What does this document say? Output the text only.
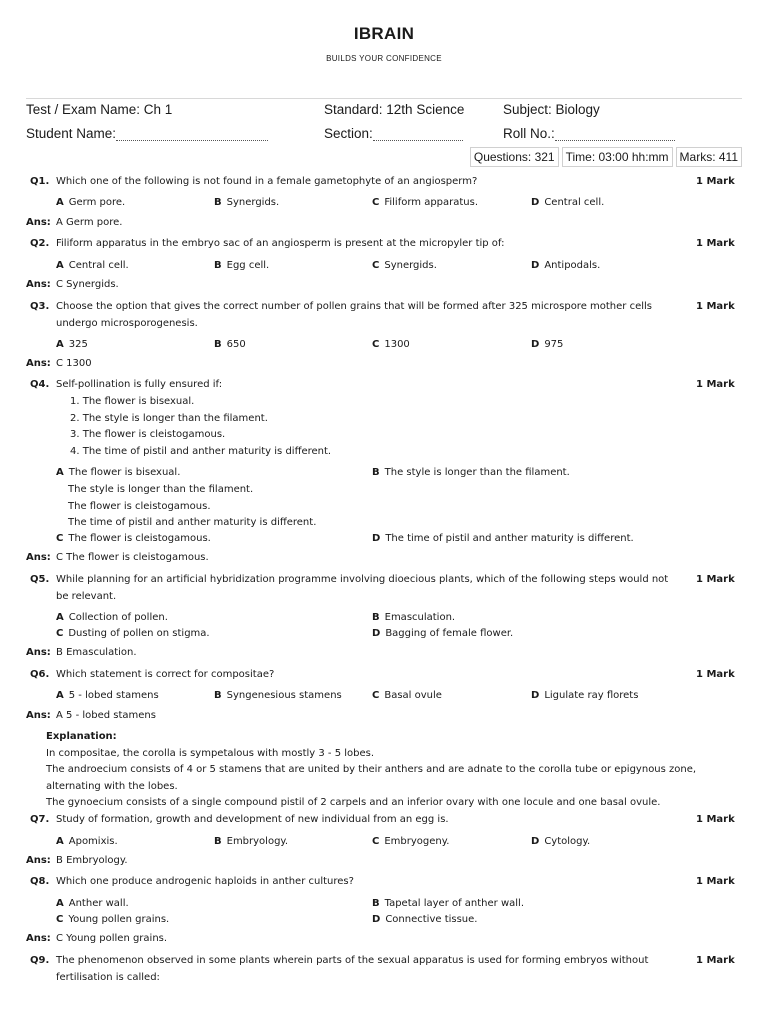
IBRAIN
BUILDS YOUR CONFIDENCE
Test / Exam Name: Ch 1	Standard: 12th Science	Subject: Biology
Student Name:	Section:	Roll No.:
Questions: 321 Time: 03:00 hh:mm Marks: 411
Q1. Which one of the following is not found in a female gametophyte of an angiosperm?	1 Mark
A Germ pore.	B Synergids.	C Filiform apparatus.	D Central cell.
Ans: A Germ pore.
Q2. Filiform apparatus in the embryo sac of an angiosperm is present at the micropyler tip of:	1 Mark
A Central cell.	B Egg cell.	C Synergids.	D Antipodals.
Ans: C Synergids.
Q3. Choose the option that gives the correct number of pollen grains that will be formed after 325 microspore mother cells undergo microsporogenesis.
1 Mark
A 325	B 650	C 1300	D 975
Ans: C 1300
Q4. Self-pollination is fully ensured if:	1 Mark
1. The flower is bisexual.
2. The style is longer than the filament.
3. The flower is cleistogamous.
4. The time of pistil and anther maturity is different.
A The flower is bisexual.
The style is longer than the filament.
The flower is cleistogamous.
The time of pistil and anther maturity is different.
B The style is longer than the filament.
C The flower is cleistogamous.	D The time of pistil and anther maturity is different.
Ans: C The flower is cleistogamous.
Q5. While planning for an artificial hybridization programme involving dioecious plants, which of the following steps would not be relevant.
1 Mark
A Collection of pollen.	B Emasculation.
C Dusting of pollen on stigma.	D Bagging of female flower.
Ans: B Emasculation.
Q6. Which statement is correct for compositae?	1 Mark
A 5 - lobed stamens	B Syngenesious stamens	C Basal ovule	D Ligulate ray florets
Ans: A 5 - lobed stamens
Explanation:
In compositae, the corolla is sympetalous with mostly 3 - 5 lobes.
The androecium consists of 4 or 5 stamens that are united by their anthers and are adnate to the corolla tube or epigynous zone,
alternating with the lobes.
The gynoecium consists of a single compound pistil of 2 carpels and an inferior ovary with one locule and one basal ovule.
Q7. Study of formation, growth and development of new individual from an egg is.	1 Mark
A Apomixis.	B Embryology.	C Embryogeny.	D Cytology.
Ans: B Embryology.
Q8. Which one produce androgenic haploids in anther cultures?	1 Mark
A Anther wall.	B Tapetal layer of anther wall.
C Young pollen grains.	D Connective tissue.
Ans: C Young pollen grains.
Q9. The phenomenon observed in some plants wherein parts of the sexual apparatus is used for forming embryos without fertilisation is called:
1 Mark
